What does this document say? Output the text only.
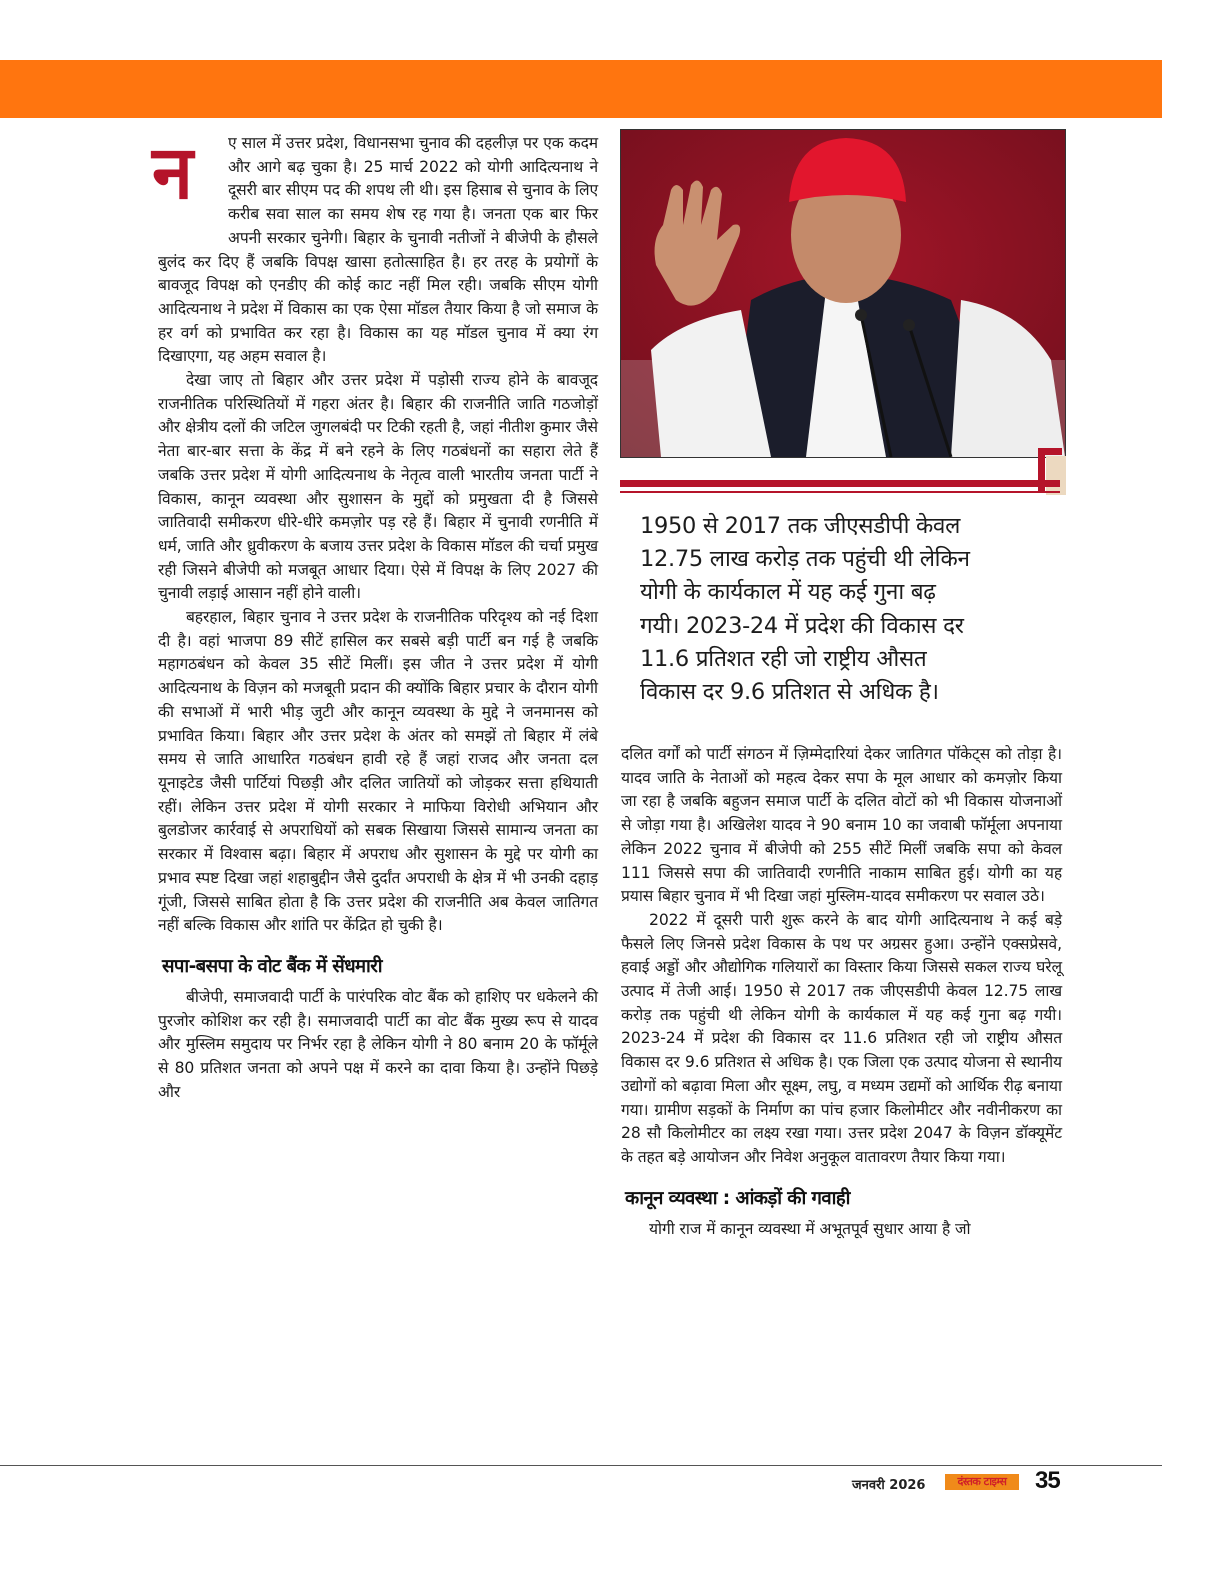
न	ए साल में उत्तर प्रदेश, विधानसभा चुनाव की दहलीज़ पर एक कदम और आगे बढ़ चुका है। 25 मार्च 2022 को योगी आदित्यनाथ ने दूसरी बार सीएम पद की शपथ ली थी। इस हिसाब से चुनाव के लिए करीब सवा साल का समय शेष रह गया है। जनता एक बार फिर अपनी सरकार चुनेगी। बिहार के चुनावी नतीजों ने बीजेपी के हौसले बुलंद कर दिए हैं जबकि विपक्ष खासा हतोत्साहित है। हर तरह के प्रयोगों के बावजूद विपक्ष को एनडीए की कोई काट नहीं मिल रही। जबकि सीएम योगी आदित्यनाथ ने प्रदेश में विकास का एक ऐसा मॉडल तैयार किया है जो समाज के हर वर्ग को प्रभावित कर रहा है। विकास का यह मॉडल चुनाव में क्या रंग दिखाएगा, यह अहम सवाल है।

देखा जाए तो बिहार और उत्तर प्रदेश में पड़ोसी राज्य होने के बावजूद राजनीतिक परिस्थितियों में गहरा अंतर है। बिहार की राजनीति जाति गठजोड़ों और क्षेत्रीय दलों की जटिल जुगलबंदी पर टिकी रहती है, जहां नीतीश कुमार जैसे नेता बार-बार सत्ता के केंद्र में बने रहने के लिए गठबंधनों का सहारा लेते हैं जबकि उत्तर प्रदेश में योगी आदित्यनाथ के नेतृत्व वाली भारतीय जनता पार्टी ने विकास, कानून व्यवस्था और सुशासन के मुद्दों को प्रमुखता दी है जिससे जातिवादी समीकरण धीरे-धीरे कमज़ोर पड़ रहे हैं। बिहार में चुनावी रणनीति में धर्म, जाति और ध्रुवीकरण के बजाय उत्तर प्रदेश के विकास मॉडल की चर्चा प्रमुख रही जिसने बीजेपी को मजबूत आधार दिया। ऐसे में विपक्ष के लिए 2027 की चुनावी लड़ाई आसान नहीं होने वाली।

बहरहाल, बिहार चुनाव ने उत्तर प्रदेश के राजनीतिक परिदृश्य को नई दिशा दी है। वहां भाजपा 89 सीटें हासिल कर सबसे बड़ी पार्टी बन गई है जबकि महागठबंधन को केवल 35 सीटें मिलीं। इस जीत ने उत्तर प्रदेश में योगी आदित्यनाथ के विज़न को मजबूती प्रदान की क्योंकि बिहार प्रचार के दौरान योगी की सभाओं में भारी भीड़ जुटी और कानून व्यवस्था के मुद्दे ने जनमानस को प्रभावित किया। बिहार और उत्तर प्रदेश के अंतर को समझें तो बिहार में लंबे समय से जाति आधारित गठबंधन हावी रहे हैं जहां राजद और जनता दल यूनाइटेड जैसी पार्टियां पिछड़ी और दलित जातियों को जोड़कर सत्ता हथियाती रहीं। लेकिन उत्तर प्रदेश में योगी सरकार ने माफिया विरोधी अभियान और बुलडोजर कार्रवाई से अपराधियों को सबक सिखाया जिससे सामान्य जनता का सरकार में विश्वास बढ़ा। बिहार में अपराध और सुशासन के मुद्दे पर योगी का प्रभाव स्पष्ट दिखा जहां शहाबुद्दीन जैसे दुर्दांत अपराधी के क्षेत्र में भी उनकी दहाड़ गूंजी, जिससे साबित होता है कि उत्तर प्रदेश की राजनीति अब केवल जातिगत नहीं बल्कि विकास और शांति पर केंद्रित हो चुकी है।

सपा-बसपा के वोट बैंक में सेंधमारी

बीजेपी, समाजवादी पार्टी के पारंपरिक वोट बैंक को हाशिए पर धकेलने की पुरजोर कोशिश कर रही है। समाजवादी पार्टी का वोट बैंक मुख्य रूप से यादव और मुस्लिम समुदाय पर निर्भर रहा है लेकिन योगी ने 80 बनाम 20 के फॉर्मूले से 80 प्रतिशत जनता को अपने पक्ष में करने का दावा किया है। उन्होंने पिछड़े और

1950 से 2017 तक जीएसडीपी केवल
12.75 लाख करोड़ तक पहुंची थी लेकिन
योगी के कार्यकाल में यह कई गुना बढ़
गयी। 2023-24 में प्रदेश की विकास दर
11.6 प्रतिशत रही जो राष्ट्रीय औसत
विकास दर 9.6 प्रतिशत से अधिक है।

दलित वर्गों को पार्टी संगठन में ज़िम्मेदारियां देकर जातिगत पॉकेट्स को तोड़ा है। यादव जाति के नेताओं को महत्व देकर सपा के मूल आधार को कमज़ोर किया जा रहा है जबकि बहुजन समाज पार्टी के दलित वोटों को भी विकास योजनाओं से जोड़ा गया है। अखिलेश यादव ने 90 बनाम 10 का जवाबी फॉर्मूला अपनाया लेकिन 2022 चुनाव में बीजेपी को 255 सीटें मिलीं जबकि सपा को केवल 111 जिससे सपा की जातिवादी रणनीति नाकाम साबित हुई। योगी का यह प्रयास बिहार चुनाव में भी दिखा जहां मुस्लिम-यादव समीकरण पर सवाल उठे।

2022 में दूसरी पारी शुरू करने के बाद योगी आदित्यनाथ ने कई बड़े फैसले लिए जिनसे प्रदेश विकास के पथ पर अग्रसर हुआ। उन्होंने एक्सप्रेसवे, हवाई अड्डों और औद्योगिक गलियारों का विस्तार किया जिससे सकल राज्य घरेलू उत्पाद में तेजी आई। 1950 से 2017 तक जीएसडीपी केवल 12.75 लाख करोड़ तक पहुंची थी लेकिन योगी के कार्यकाल में यह कई गुना बढ़ गयी। 2023-24 में प्रदेश की विकास दर 11.6 प्रतिशत रही जो राष्ट्रीय औसत विकास दर 9.6 प्रतिशत से अधिक है। एक जिला एक उत्पाद योजना से स्थानीय उद्योगों को बढ़ावा मिला और सूक्ष्म, लघु, व मध्यम उद्यमों को आर्थिक रीढ़ बनाया गया। ग्रामीण सड़कों के निर्माण का पांच हजार किलोमीटर और नवीनीकरण का 28 सौ किलोमीटर का लक्ष्य रखा गया। उत्तर प्रदेश 2047 के विज़न डॉक्यूमेंट के तहत बड़े आयोजन और निवेश अनुकूल वातावरण तैयार किया गया।

कानून व्यवस्था : आंकड़ों की गवाही

योगी राज में कानून व्यवस्था में अभूतपूर्व सुधार आया है जो

जनवरी 2026	दंस्तक टाइम्स	35
